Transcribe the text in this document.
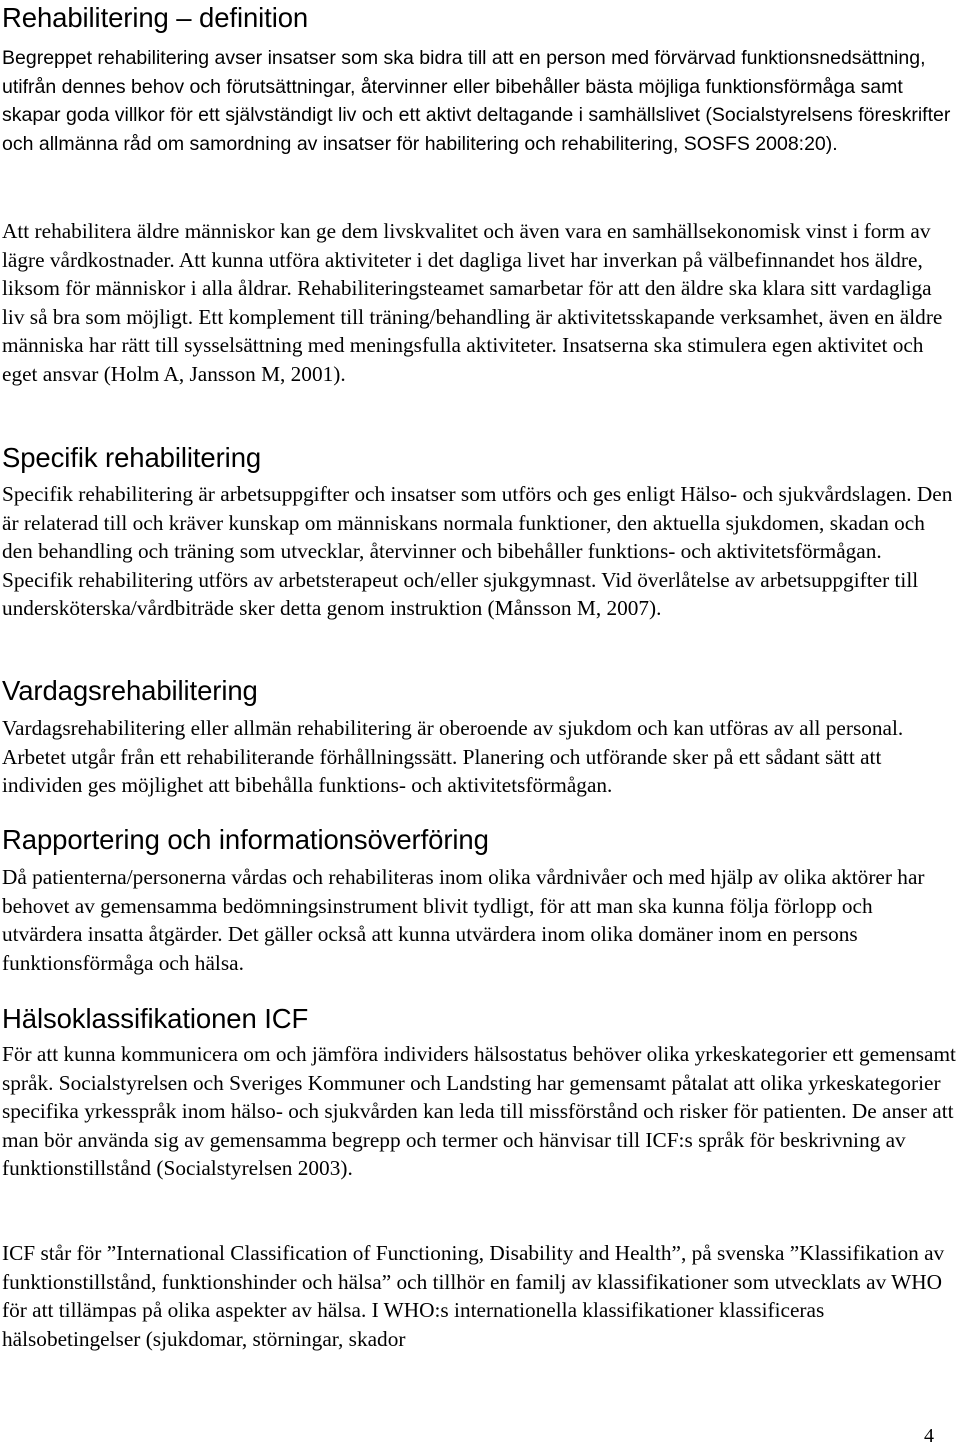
Rehabilitering – definition

Begreppet rehabilitering avser insatser som ska bidra till att en person med förvärvad funktionsnedsättning, utifrån dennes behov och förutsättningar, återvinner eller bibehåller bästa möjliga funktionsförmåga samt skapar goda villkor för ett självständigt liv och ett aktivt deltagande i samhällslivet (Socialstyrelsens föreskrifter och allmänna råd om samordning av insatser för habilitering och rehabilitering, SOSFS 2008:20).

Att rehabilitera äldre människor kan ge dem livskvalitet och även vara en samhällsekonomisk vinst i form av lägre vårdkostnader. Att kunna utföra aktiviteter i det dagliga livet har inverkan på välbefinnandet hos äldre, liksom för människor i alla åldrar. Rehabiliteringsteamet samarbetar för att den äldre ska klara sitt vardagliga liv så bra som möjligt. Ett komplement till träning/behandling är aktivitetsskapande verksamhet, även en äldre människa har rätt till sysselsättning med meningsfulla aktiviteter. Insatserna ska stimulera egen aktivitet och eget ansvar (Holm A, Jansson M, 2001).

Specifik rehabilitering

Specifik rehabilitering är arbetsuppgifter och insatser som utförs och ges enligt Hälso- och sjukvårdslagen. Den är relaterad till och kräver kunskap om människans normala funktioner, den aktuella sjukdomen, skadan och den behandling och träning som utvecklar, återvinner och bibehåller funktions- och aktivitetsförmågan. Specifik rehabilitering utförs av arbetsterapeut och/eller sjukgymnast. Vid överlåtelse av arbetsuppgifter till undersköterska/vårdbiträde sker detta genom instruktion (Månsson M, 2007).

Vardagsrehabilitering

Vardagsrehabilitering eller allmän rehabilitering är oberoende av sjukdom och kan utföras av all personal. Arbetet utgår från ett rehabiliterande förhållningssätt. Planering och utförande sker på ett sådant sätt att individen ges möjlighet att bibehålla funktions- och aktivitetsförmågan.

Rapportering och informationsöverföring

Då patienterna/personerna vårdas och rehabiliteras inom olika vårdnivåer och med hjälp av olika aktörer har behovet av gemensamma bedömningsinstrument blivit tydligt, för att man ska kunna följa förlopp och utvärdera insatta åtgärder. Det gäller också att kunna utvärdera inom olika domäner inom en persons funktionsförmåga och hälsa.

Hälsoklassifikationen ICF

För att kunna kommunicera om och jämföra individers hälsostatus behöver olika yrkeskategorier ett gemensamt språk. Socialstyrelsen och Sveriges Kommuner och Landsting har gemensamt påtalat att olika yrkeskategorier specifika yrkesspråk inom hälso- och sjukvården kan leda till missförstånd och risker för patienten. De anser att man bör använda sig av gemensamma begrepp och termer och hänvisar till ICF:s språk för beskrivning av funktionstillstånd (Socialstyrelsen 2003).

ICF står för ”International Classification of Functioning, Disability and Health”, på svenska ”Klassifikation av funktionstillstånd, funktionshinder och hälsa” och tillhör en familj av klassifikationer som utvecklats av WHO för att tillämpas på olika aspekter av hälsa. I WHO:s internationella klassifikationer klassificeras hälsobetingelser (sjukdomar, störningar, skador

4
